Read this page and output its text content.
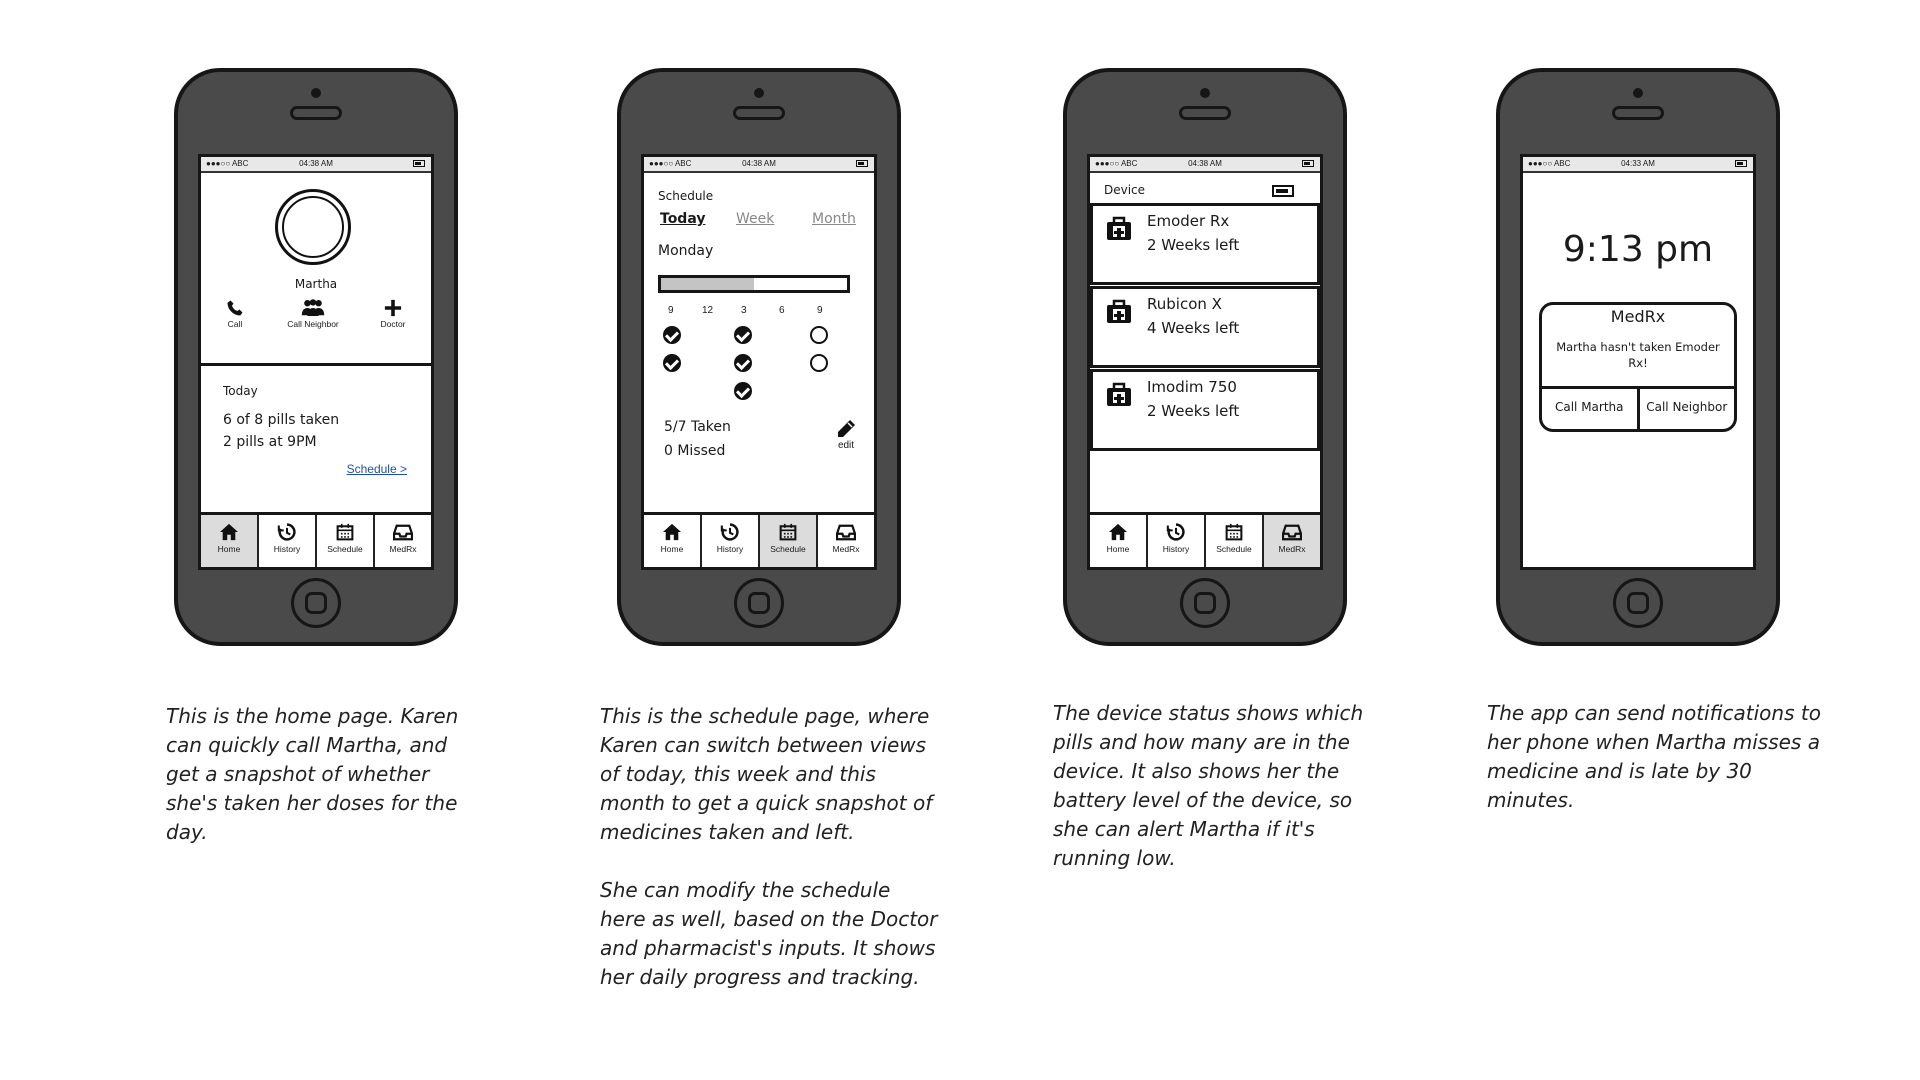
●●●○○ ABC	04:38 AM
Martha
Call	Call Neighbor	Doctor
Today
6 of 8 pills taken
2 pills at 9PM
Schedule >
Home	History	Schedule	MedRx
●●●○○ ABC	04:38 AM
Schedule
Today Week	Month
Monday
9	12	3	6	9
5/7 Taken
0 Missed	edit
Home	History	Schedule	MedRx
●●●○○ ABC	04:38 AM
Device
Emoder Rx
2 Weeks left
Rubicon X
4 Weeks left
Imodim 750
2 Weeks left
Home	History	Schedule	MedRx
●●●○○ ABC	04:33 AM
9:13 pm
MedRx
Martha hasn't taken Emoder Rx!
Call Martha	Call Neighbor

This is the home page. Karen can quickly call Martha, and get a snapshot of whether she's taken her doses for the day.

This is the schedule page, where Karen can switch between views of today, this week and this month to get a quick snapshot of medicines taken and left.

She can modify the schedule here as well, based on the Doctor and pharmacist's inputs. It shows her daily progress and tracking.

The device status shows which pills and how many are in the device. It also shows her the battery level of the device, so she can alert Martha if it's running low.

The app can send notifications to her phone when Martha misses a medicine and is late by 30 minutes.
